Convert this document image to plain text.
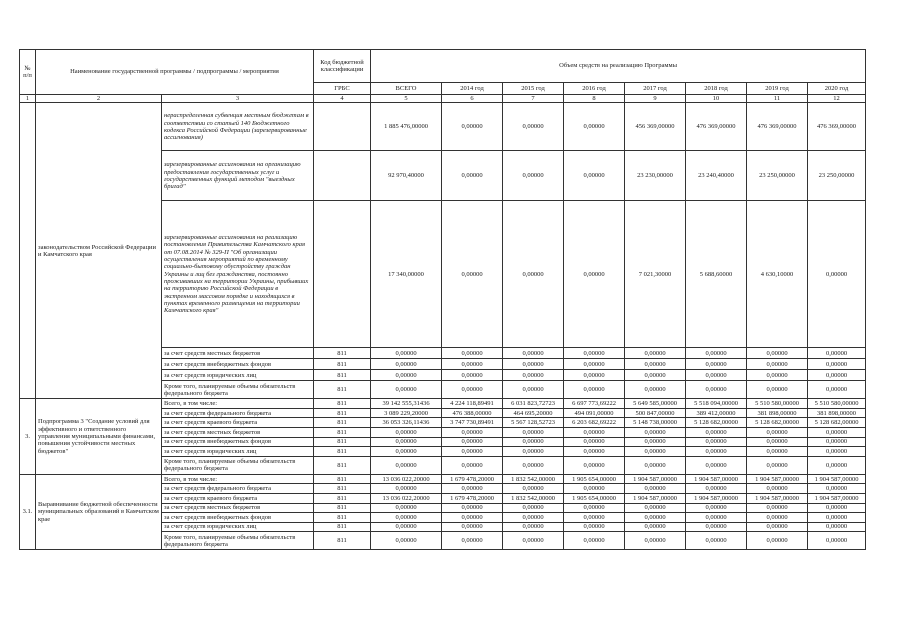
№ п/п	Наименование государственной программы / подпрограммы / мероприятия		Код бюджетной классификации	Объем средств на реализацию Программы							
			ГРБС	ВСЕГО	2014 год	2015 год	2016 год	2017 год	2018 год	2019 год	2020 год
1	2	3	4	5	6	7	8	9	10	11	12
	законодательством Российской Федерации и Камчатского края	нераспределенная субвенция местным бюджетам в соответствии со статьей 140 Бюджетного кодекса Российской Федерации (зарезервированные ассигнования)		1 885 476,00000	0,00000	0,00000	0,00000	456 369,00000	476 369,00000	476 369,00000	476 369,00000
		зарезервированные ассигнования на организацию предоставления государственных услуг и государственных функций методом "выездных бригад"		92 970,40000	0,00000	0,00000	0,00000	23 230,00000	23 240,40000	23 250,00000	23 250,00000
		зарезервированные ассигнования на реализацию постановления Правительства Камчатского края от 07.08.2014 № 329-П "Об организации осуществления мероприятий по временному социально-бытовому обустройству граждан Украины и лиц без гражданства, постоянно проживавших на территории Украины, прибывших на территорию Российской Федерации в экстренном массовом порядке и находящихся в пунктах временного размещения на территории Камчатского края"		17 340,00000	0,00000	0,00000	0,00000	7 021,30000	5 688,60000	4 630,10000	0,00000
		за счет средств местных бюджетов	811	0,00000	0,00000	0,00000	0,00000	0,00000	0,00000	0,00000	0,00000
		за счет средств внебюджетных фондов	811	0,00000	0,00000	0,00000	0,00000	0,00000	0,00000	0,00000	0,00000
		за счет средств юридических лиц	811	0,00000	0,00000	0,00000	0,00000	0,00000	0,00000	0,00000	0,00000
		Кроме того, планируемые объемы обязательств федерального бюджета	811	0,00000	0,00000	0,00000	0,00000	0,00000	0,00000	0,00000	0,00000
3.	Подпрограмма 3 "Создание условий для эффективного и ответственного управления муниципальными финансами, повышения устойчивости местных бюджетов"	Всего, в том числе:	811	39 142 555,31436	4 224 118,89491	6 031 823,72723	6 697 773,69222	5 649 585,00000	5 518 094,00000	5 510 580,00000	5 510 580,00000
		за счет средств федерального бюджета	811	3 089 229,20000	476 388,00000	464 695,20000	494 091,00000	500 847,00000	389 412,00000	381 898,00000	381 898,00000
		за счет средств краевого бюджета	811	36 053 326,11436	3 747 730,89491	5 567 128,52723	6 203 682,69222	5 148 738,00000	5 128 682,00000	5 128 682,00000	5 128 682,00000
		за счет средств местных бюджетов	811	0,00000	0,00000	0,00000	0,00000	0,00000	0,00000	0,00000	0,00000
		за счет средств внебюджетных фондов	811	0,00000	0,00000	0,00000	0,00000	0,00000	0,00000	0,00000	0,00000
		за счет средств юридических лиц	811	0,00000	0,00000	0,00000	0,00000	0,00000	0,00000	0,00000	0,00000
		Кроме того, планируемые объемы обязательств федерального бюджета	811	0,00000	0,00000	0,00000	0,00000	0,00000	0,00000	0,00000	0,00000
3.1.	Выравнивание бюджетной обеспеченности муниципальных образований в Камчатском крае	Всего, в том числе:	811	13 036 022,20000	1 679 478,20000	1 832 542,00000	1 905 654,00000	1 904 587,00000	1 904 587,00000	1 904 587,00000	1 904 587,00000
		за счет средств федерального бюджета	811	0,00000	0,00000	0,00000	0,00000	0,00000	0,00000	0,00000	0,00000
		за счет средств краевого бюджета	811	13 036 022,20000	1 679 478,20000	1 832 542,00000	1 905 654,00000	1 904 587,00000	1 904 587,00000	1 904 587,00000	1 904 587,00000
		за счет средств местных бюджетов	811	0,00000	0,00000	0,00000	0,00000	0,00000	0,00000	0,00000	0,00000
		за счет средств внебюджетных фондов	811	0,00000	0,00000	0,00000	0,00000	0,00000	0,00000	0,00000	0,00000
		за счет средств юридических лиц	811	0,00000	0,00000	0,00000	0,00000	0,00000	0,00000	0,00000	0,00000
		Кроме того, планируемые объемы обязательств федерального бюджета	811	0,00000	0,00000	0,00000	0,00000	0,00000	0,00000	0,00000	0,00000
